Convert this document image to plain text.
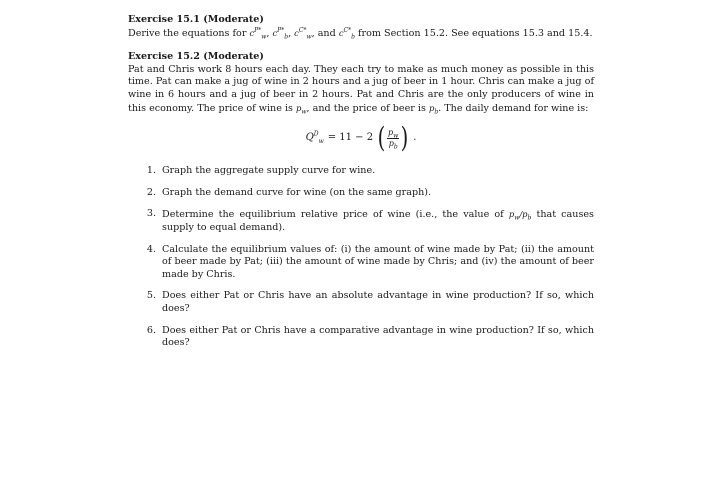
Exercise 15.1 (Moderate)

Derive the equations for $c^{P*}_w$, $c^{P*}_b$, $c^{C*}_w$, and $c^{C*}_b$ from Section 15.2. See equations 15.3 and 15.4.

Exercise 15.2 (Moderate)

Pat and Chris work 8 hours each day. They each try to make as much money as possible in this time. Pat can make a jug of wine in 2 hours and a jug of beer in 1 hour. Chris can make a jug of wine in 6 hours and a jug of beer in 2 hours. Pat and Chris are the only producers of wine in this economy. The price of wine is $p_w$, and the price of beer is $p_b$. The daily demand for wine is:

$Q^D_w = 11 - 2$ ( $\frac{p_w}{p_b}$ ) .
1. Graph the aggregate supply curve for wine.
2. Graph the demand curve for wine (on the same graph).
3. Determine the equilibrium relative price of wine (i.e., the value of $p_w/p_b$ that causes supply to equal demand).
4. Calculate the equilibrium values of: (i) the amount of wine made by Pat; (ii) the amount of beer made by Pat; (iii) the amount of wine made by Chris; and (iv) the amount of beer made by Chris.
5. Does either Pat or Chris have an absolute advantage in wine production? If so, which does?
6. Does either Pat or Chris have a comparative advantage in wine production? If so, which does?
